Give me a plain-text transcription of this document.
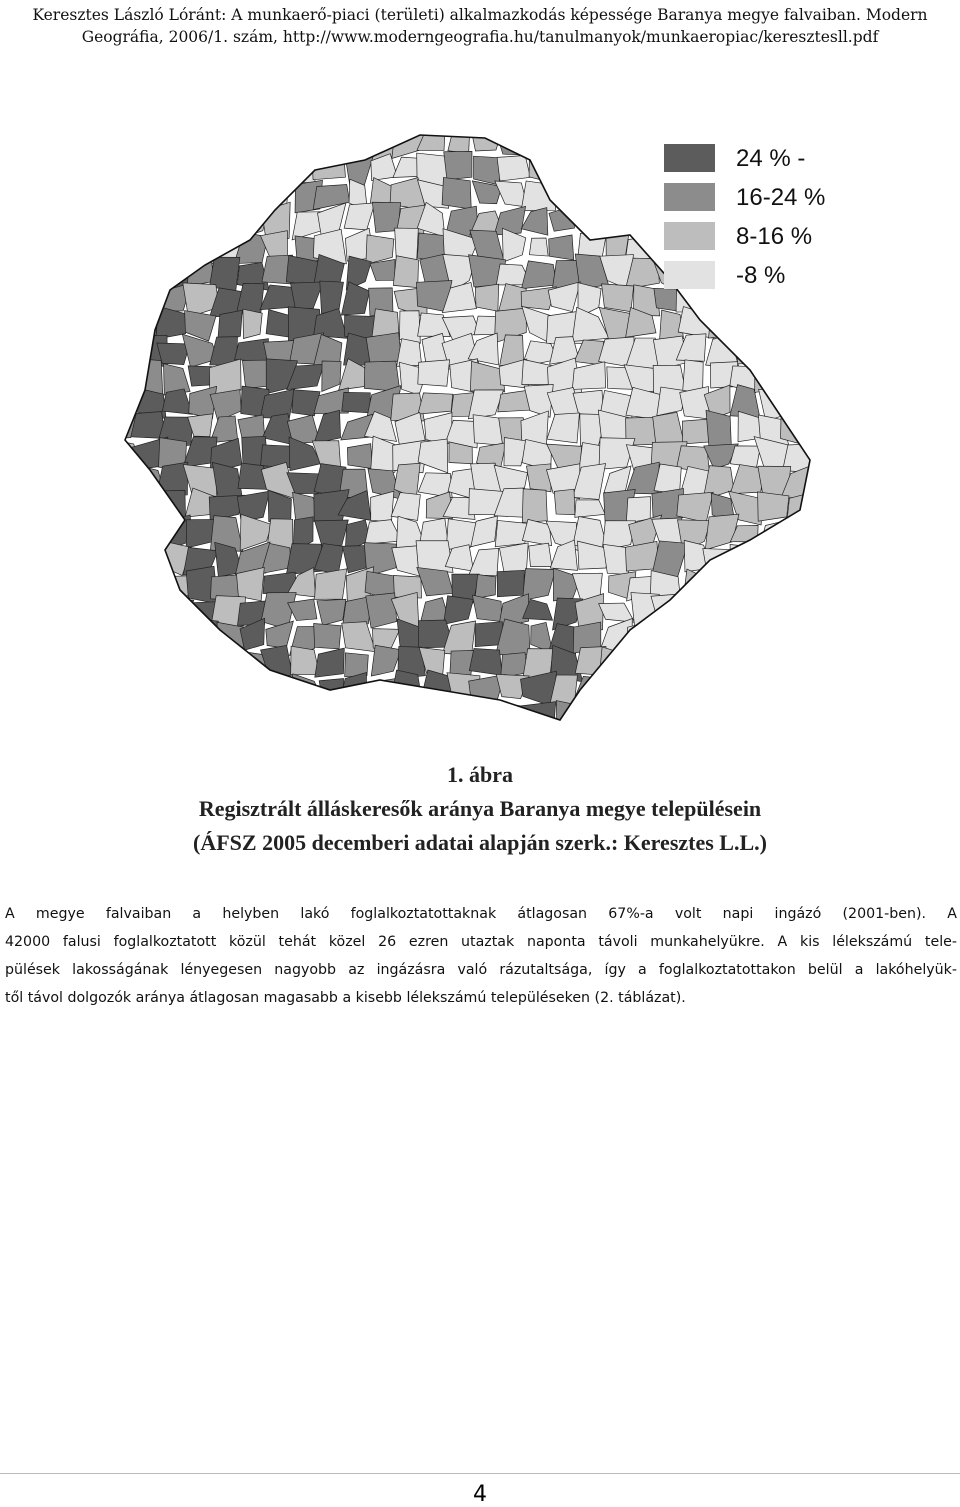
Keresztes László Lóránt: A munkaerő-piaci (területi) alkalmazkodás képessége Baranya megye falvaiban. Modern
Geográfia, 2006/1. szám, http://www.moderngeografia.hu/tanulmanyok/munkaeropiac/keresztesll.pdf
24 % -
16-24 %
8-16 %
-8 %
1. ábra
Regisztrált álláskeresők aránya Baranya megye településein
(ÁFSZ 2005 decemberi adatai alapján szerk.: Keresztes L.L.)
A megye falvaiban a helyben lakó foglalkoztatottaknak átlagosan 67%-a volt napi ingázó (2001-ben). A
42000 falusi foglalkoztatott közül tehát közel 26 ezren utaztak naponta távoli munkahelyükre. A kis lélekszámú tele-
pülések lakosságának lényegesen nagyobb az ingázásra való rázutaltsága, így a foglalkoztatottakon belül a lakóhelyük-
től távol dolgozók aránya átlagosan magasabb a kisebb lélekszámú településeken (2. táblázat).
4
